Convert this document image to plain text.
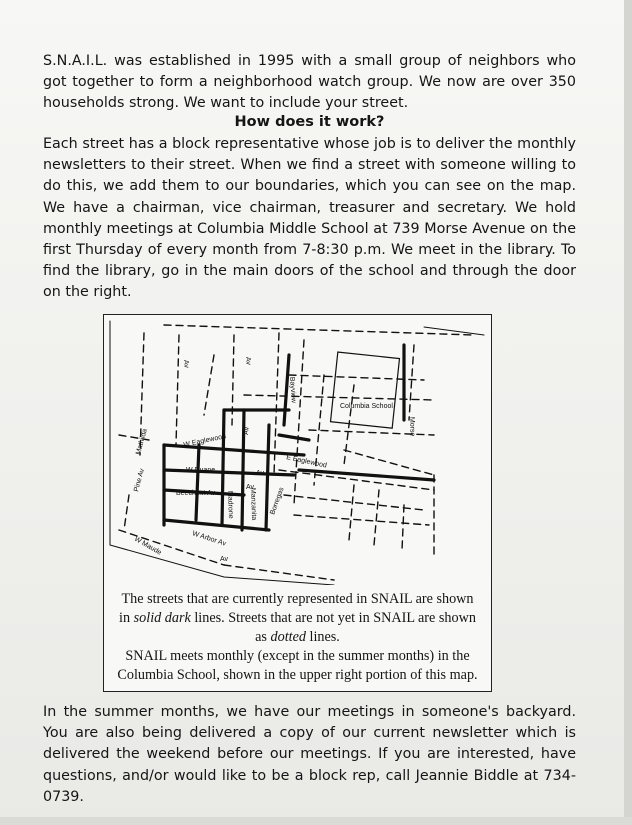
S.N.A.I.L. was established in 1995 with a small group of neighbors who got together to form a neighborhood watch group. We now are over 350 households strong. We want to include your street.
How does it work?
Each street has a block representative whose job is to deliver the monthly newsletters to their street. When we find a street with someone willing to do this, we add them to our boundaries, which you can see on the map. We have a chairman, vice chairman, treasurer and secretary. We hold monthly meetings at Columbia Middle School at 739 Morse Avenue on the first Thursday of every month from 7-8:30 p.m. We meet in the library. To find the library, go in the main doors of the school and through the door on the right.
Columbia School
Morse
W Eaglewood
W Duane
Beechnut Av
W Arbor Av
W Maude
E Eaglewood
Mathilda
Pine Av
Manzanita
Madrone	Borregas
Bayview
Av	Av
Av
Av
Av
Av
The streets that are currently represented in SNAIL are shown
in solid dark lines. Streets that are not yet in SNAIL are shown
as dotted lines.
SNAIL meets monthly (except in the summer months) in the
Columbia School, shown in the upper right portion of this map.
In the summer months, we have our meetings in someone's backyard. You are also being delivered a copy of our current newsletter which is delivered the weekend before our meetings. If you are interested, have questions, and/or would like to be a block rep, call Jeannie Biddle at 734-0739.
